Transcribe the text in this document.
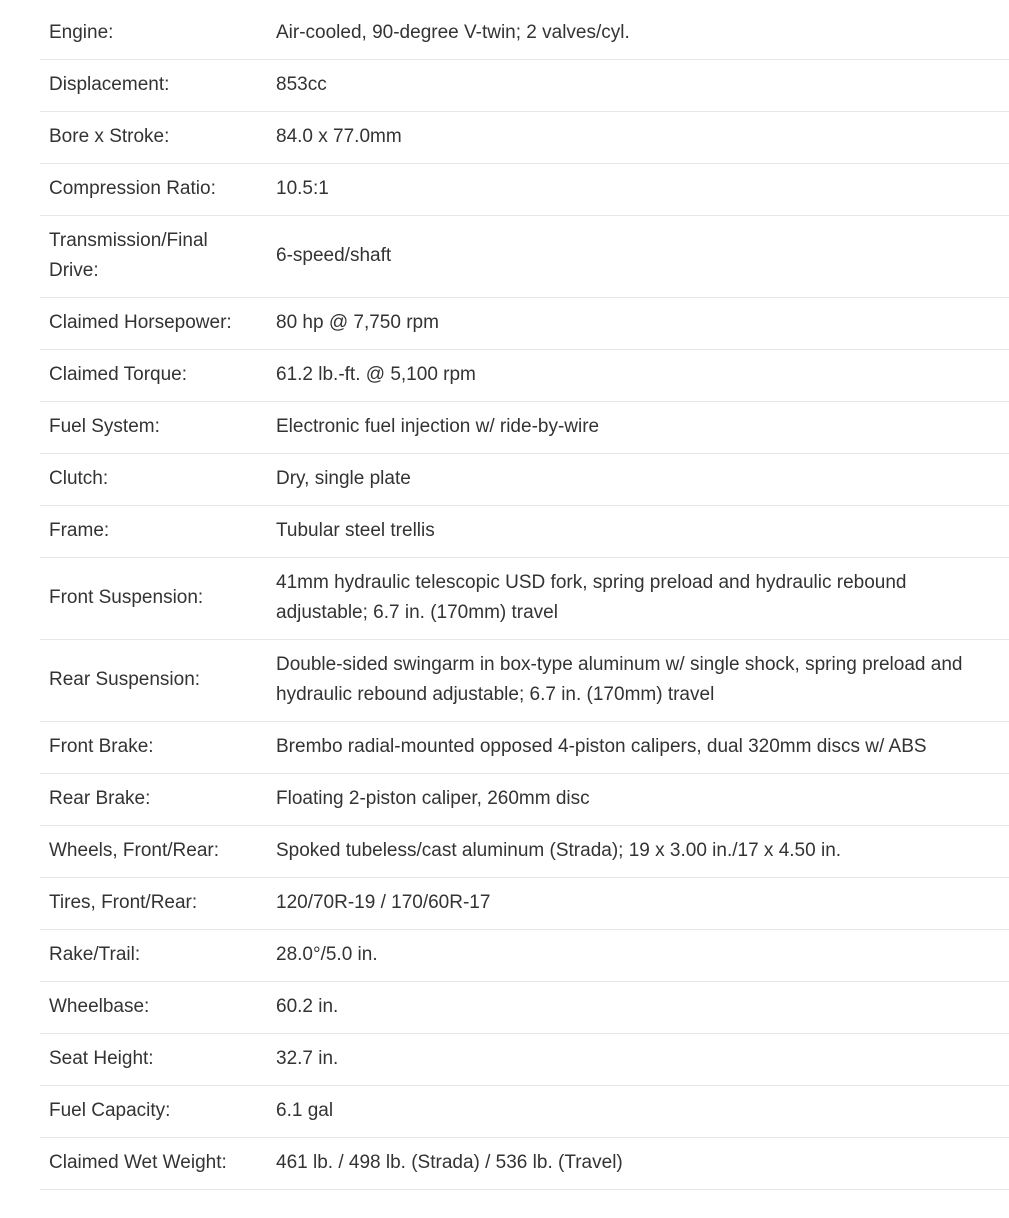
Engine:	Air-cooled, 90-degree V-twin; 2 valves/cyl.
Displacement:	853cc
Bore x Stroke:	84.0 x 77.0mm
Compression Ratio:	10.5:1
Transmission/Final Drive:	6-speed/shaft
Claimed Horsepower:	80 hp @ 7,750 rpm
Claimed Torque:	61.2 lb.-ft. @ 5,100 rpm
Fuel System:	Electronic fuel injection w/ ride-by-wire
Clutch:	Dry, single plate
Frame:	Tubular steel trellis
Front Suspension:	41mm hydraulic telescopic USD fork, spring preload and hydraulic rebound adjustable; 6.7 in. (170mm) travel
Rear Suspension:	Double-sided swingarm in box-type aluminum w/ single shock, spring preload and hydraulic rebound adjustable; 6.7 in. (170mm) travel
Front Brake:	Brembo radial-mounted opposed 4-piston calipers, dual 320mm discs w/ ABS
Rear Brake:	Floating 2-piston caliper, 260mm disc
Wheels, Front/Rear:	Spoked tubeless/cast aluminum (Strada); 19 x 3.00 in./17 x 4.50 in.
Tires, Front/Rear:	120/70R-19 / 170/60R-17
Rake/Trail:	28.0°/5.0 in.
Wheelbase:	60.2 in.
Seat Height:	32.7 in.
Fuel Capacity:	6.1 gal
Claimed Wet Weight:	461 lb. / 498 lb. (Strada) / 536 lb. (Travel)
